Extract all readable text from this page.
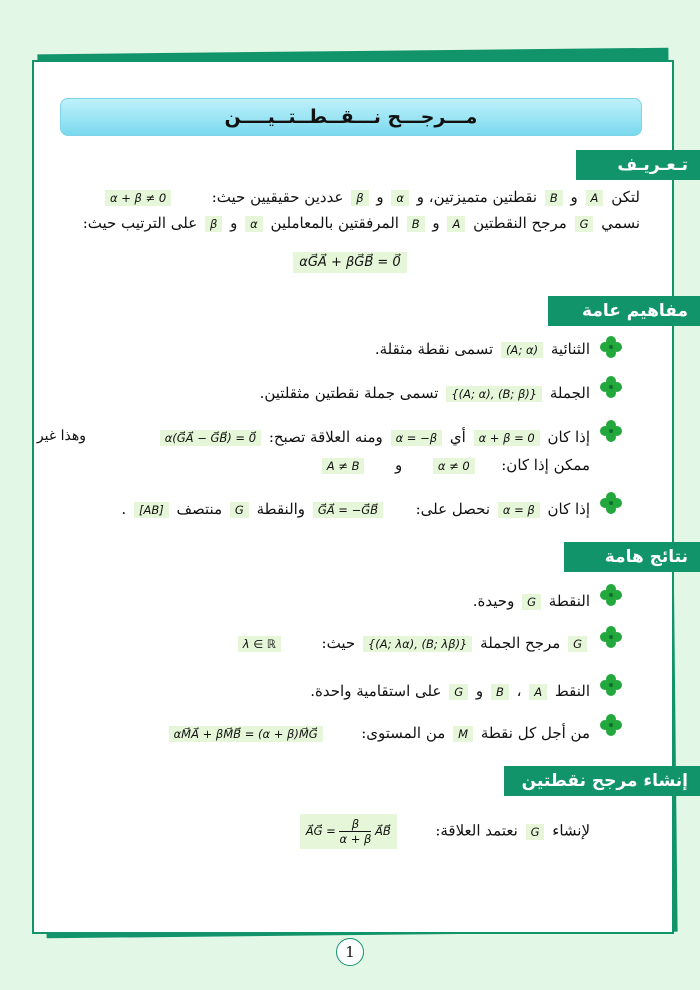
مـــرجـــح نـــقــطــتــيــــن
تـعـريـف
لتكن A و B نقطتين متميزتين، و α و β عددين حقيقيين حيث:  α + β ≠ 0
نسمي G مرجح النقطتين A و B المرفقتين بالمعاملين α و β على الترتيب حيث:
αG⃗A⃗ + βG⃗B⃗ = 0⃗
مفاهيم عامة
الثنائية (A; α) تسمى نقطة مثقلة.
الجملة {(A; α), (B; β)} تسمى جملة نقطتين مثقلتين.
إذا كان α + β = 0 أي α = −β ومنه العلاقة تصبح: α(G⃗A⃗ − G⃗B⃗) = 0⃗
وهذا غير
ممكن إذا كان:  α ≠ 0  و  A ≠ B
إذا كان α = β نحصل على:  G⃗A⃗ = −G⃗B⃗ والنقطة G منتصف [AB] .
نتائج هامة
النقطة G وحيدة.
G مرجح الجملة {(A; λα), (B; λβ)} حيث:  λ ∈ ℝ
النقط A ، B و G على استقامية واحدة.
من أجل كل نقطة M من المستوى:  αM⃗A⃗ + βM⃗B⃗ = (α + β)M⃗G⃗
إنشاء مرجح نقطتين
لإنشاء G نعتمد العلاقة:  A⃗G⃗ = $\frac{\beta}{\alpha + \beta}$ A⃗B⃗
1
